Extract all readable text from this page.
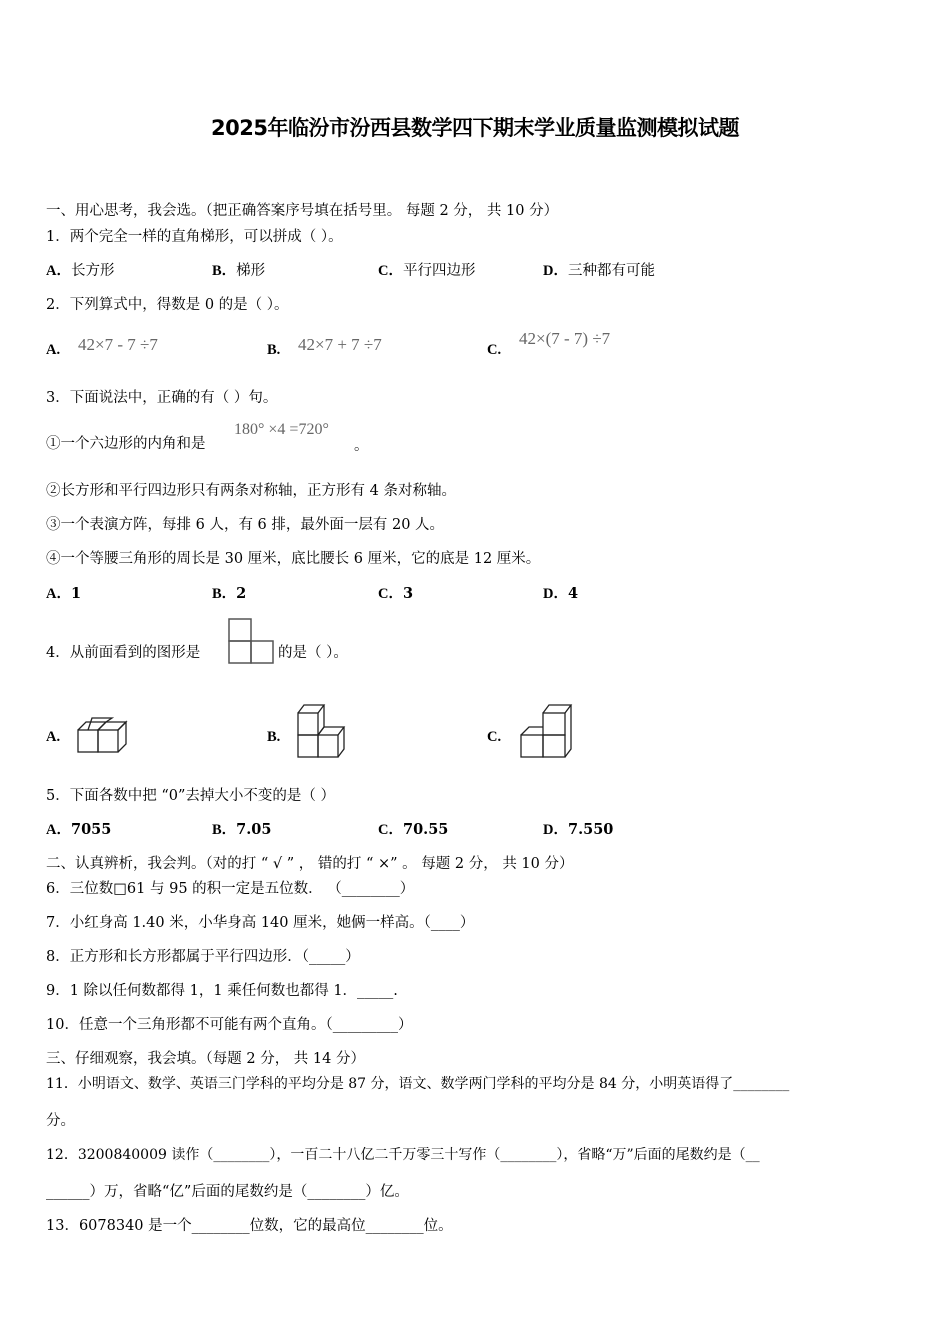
2025年临汾市汾西县数学四下期末学业质量监测模拟试题
一、用心思考，我会选。（把正确答案序号填在括号里。 每题 2 分， 共 10 分）
1．两个完全一样的直角梯形，可以拼成（ ）。
A．长方形	B．梯形	C．平行四边形	D．三种都有可能
2．下列算式中，得数是 0 的是（ ）。
A. 42×7 - 7 ÷7	B. 42×7 + 7 ÷7	C.
42×(7 - 7) ÷7
3．下面说法中，正确的有（ ）句。
①一个六边形的内角和是
180° ×4 =720°
。
②长方形和平行四边形只有两条对称轴，正方形有 4 条对称轴。
③一个表演方阵，每排 6 人，有 6 排，最外面一层有 20 人。
④一个等腰三角形的周长是 30 厘米，底比腰长 6 厘米，它的底是 12 厘米。
A．1	B．2	C．3	D．4
4．从前面看到的图形是	的是（ ）。
A.	B.	C.
5．下面各数中把 “0”去掉大小不变的是（ ）
A．7055	B．7.05	C．70.55	D．7.550
二、认真辨析，我会判。（对的打 “ √ ” ， 错的打 “ ×” 。 每题 2 分， 共 10 分）
6．三位数□61 与 95 的积一定是五位数． （________）
7．小红身高 1.40 米，小华身高 140 厘米，她俩一样高。（____）
8．正方形和长方形都属于平行四边形．（_____）
9．1 除以任何数都得 1，1 乘任何数也都得 1．_____.
10．任意一个三角形都不可能有两个直角。（_________）
三、仔细观察，我会填。（每题 2 分， 共 14 分）
11．小明语文、数学、英语三门学科的平均分是 87 分，语文、数学两门学科的平均分是 84 分，小明英语得了________
分。
12．3200840009 读作（________），一百二十八亿二千万零三十写作（________），省略“万”后面的尾数约是（__
______）万，省略“亿”后面的尾数约是（________）亿。
13．6078340 是一个________位数，它的最高位________位。
